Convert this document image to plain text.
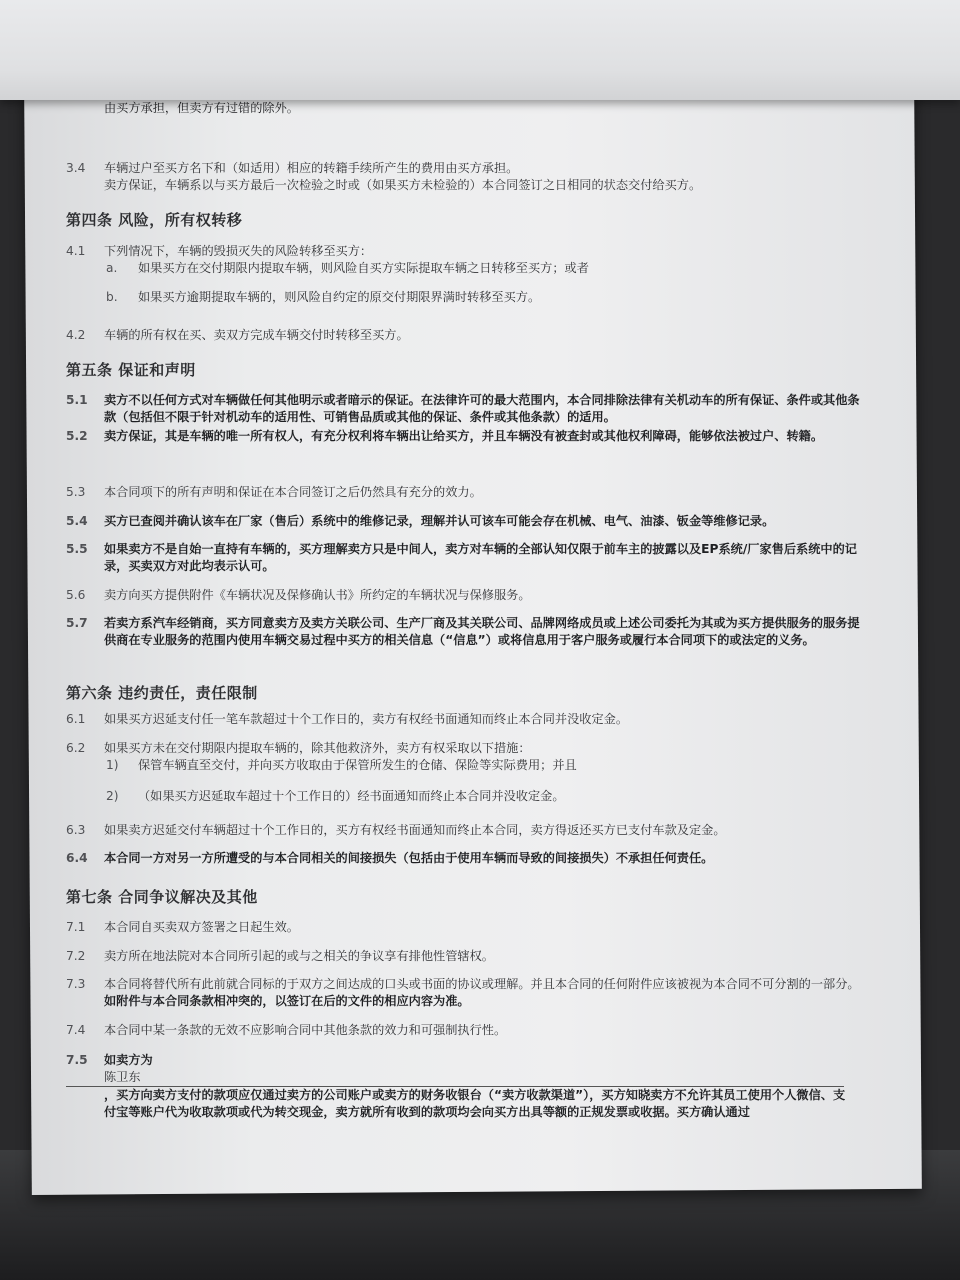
由买方承担，但卖方有过错的除外。

3.4 车辆过户至买方名下和（如适用）相应的转籍手续所产生的费用由买方承担。

卖方保证，车辆系以与买方最后一次检验之时或（如果买方未检验的）本合同签订之日相同的状态交付给买方。

第四条 风险，所有权转移

4.1 下列情况下，车辆的毁损灭失的风险转移至买方：

a. 如果买方在交付期限内提取车辆，则风险自买方实际提取车辆之日转移至买方；或者

b. 如果买方逾期提取车辆的，则风险自约定的原交付期限界满时转移至买方。

4.2 车辆的所有权在买、卖双方完成车辆交付时转移至买方。

第五条 保证和声明

5.1 卖方不以任何方式对车辆做任何其他明示或者暗示的保证。在法律许可的最大范围内，本合同排除法律有关机动车的所有保证、条件或其他条款（包括但不限于针对机动车的适用性、可销售品质或其他的保证、条件或其他条款）的适用。

5.2 卖方保证，其是车辆的唯一所有权人，有充分权利将车辆出让给买方，并且车辆没有被查封或其他权利障碍，能够依法被过户、转籍。

5.3 本合同项下的所有声明和保证在本合同签订之后仍然具有充分的效力。

5.4 买方已查阅并确认该车在厂家（售后）系统中的维修记录，理解并认可该车可能会存在机械、电气、油漆、钣金等维修记录。

5.5 如果卖方不是自始一直持有车辆的，买方理解卖方只是中间人，卖方对车辆的全部认知仅限于前车主的披露以及EP系统/厂家售后系统中的记录，买卖双方对此均表示认可。

5.6 卖方向买方提供附件《车辆状况及保修确认书》所约定的车辆状况与保修服务。

5.7 若卖方系汽车经销商，买方同意卖方及卖方关联公司、生产厂商及其关联公司、品牌网络成员或上述公司委托为其或为买方提供服务的服务提供商在专业服务的范围内使用车辆交易过程中买方的相关信息（“信息”）或将信息用于客户服务或履行本合同项下的或法定的义务。

第六条 违约责任，责任限制

6.1 如果买方迟延支付任一笔车款超过十个工作日的，卖方有权经书面通知而终止本合同并没收定金。

6.2 如果买方未在交付期限内提取车辆的，除其他救济外，卖方有权采取以下措施：

1) 保管车辆直至交付，并向买方收取由于保管所发生的仓储、保险等实际费用；并且

2) （如果买方迟延取车超过十个工作日的）经书面通知而终止本合同并没收定金。

6.3 如果卖方迟延交付车辆超过十个工作日的，买方有权经书面通知而终止本合同，卖方得返还买方已支付车款及定金。

6.4 本合同一方对另一方所遭受的与本合同相关的间接损失（包括由于使用车辆而导致的间接损失）不承担任何责任。

第七条 合同争议解决及其他

7.1 本合同自买卖双方签署之日起生效。

7.2 卖方所在地法院对本合同所引起的或与之相关的争议享有排他性管辖权。

7.3 本合同将替代所有此前就合同标的于双方之间达成的口头或书面的协议或理解。并且本合同的任何附件应该被视为本合同不可分割的一部分。如附件与本合同条款相冲突的，以签订在后的文件的相应内容为准。

7.4 本合同中某一条款的无效不应影响合同中其他条款的效力和可强制执行性。

7.5 如卖方为

陈卫东

，买方向卖方支付的款项应仅通过卖方的公司账户或卖方的财务收银台（“卖方收款渠道”），买方知晓卖方不允许其员工使用个人微信、支付宝等账户代为收取款项或代为转交现金，卖方就所有收到的款项均会向买方出具等额的正规发票或收据。买方确认通过
